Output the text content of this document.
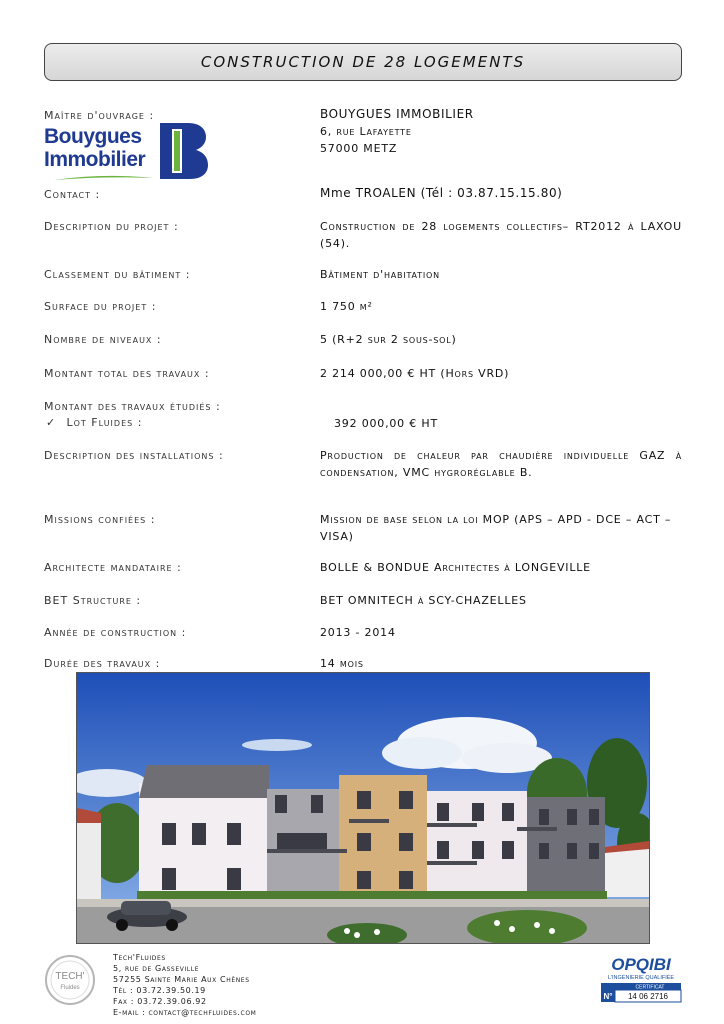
CONSTRUCTION DE 28 LOGEMENTS
Maître d'ouvrage :	BOUYGUES IMMOBILIER
6, rue Lafayette
57000 METZ
Bouygues
Immobilier
Contact :	Mme TROALEN (Tél : 03.87.15.15.80)
Description du projet :	Construction de 28 logements collectifs– RT2012 à LAXOU (54).
Classement du bâtiment :	Bâtiment d'habitation
Surface du projet :	1 750 m²
Nombre de niveaux :	5 (R+2 sur 2 sous-sol)
Montant total des travaux :	2 214 000,00 € HT (Hors VRD)
Montant des travaux étudiés :
✓ Lot Fluides :	392 000,00 € HT
Description des installations :	Production de chaleur par chaudière individuelle GAZ à condensation, VMC hygroréglable B.
Missions confiées :	Mission de base selon la loi MOP (APS – APD - DCE – ACT – VISA)
Architecte mandataire :	BOLLE & BONDUE Architectes à LONGEVILLE
BET Structure :	BET OMNITECH à SCY-CHAZELLES
Année de construction :	2013 - 2014
Durée des travaux :	14 mois
TECH'
Fluides
Tech'Fluides
5, rue de Gasseville
57255 Sainte Marie Aux Chênes
Tél : 03.72.39.50.19
Fax : 03.72.39.06.92
E-mail : contact@techfluides.com
OPQIBI
L'INGÉNIERIE QUALIFIÉE
CERTIFICAT
N° 14 06 2716
